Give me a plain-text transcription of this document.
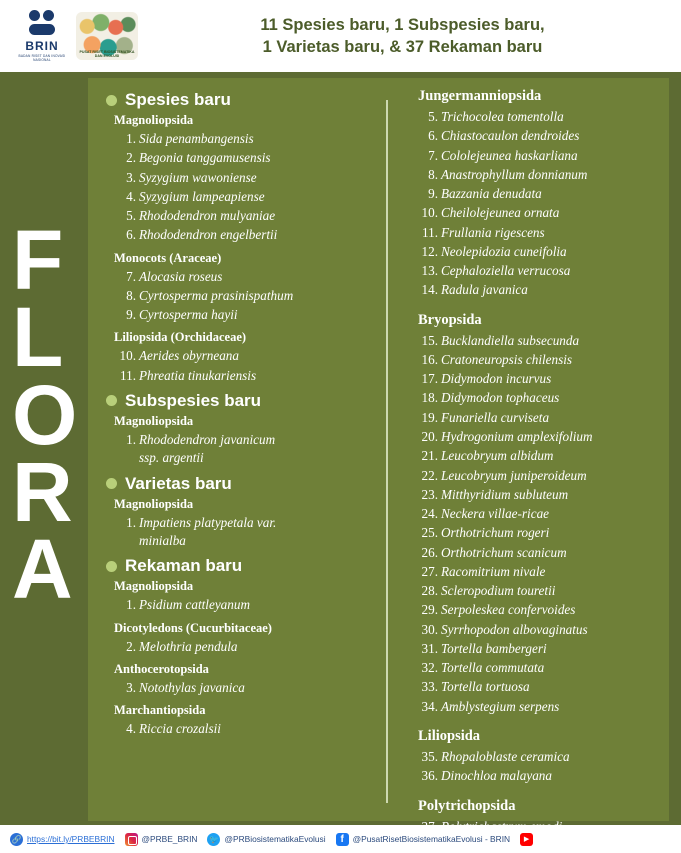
BRIN
BADAN RISET DAN INOVASI NASIONAL
PUSAT RISET BIOSISTEMATIKA DAN EVOLUSI
11 Spesies baru, 1 Subspesies baru,
1 Varietas baru, & 37 Rekaman baru
Spesies baru
Magnoliopsida
1. Sida penambangensis
2. Begonia tanggamusensis
3. Syzygium wawoniense
4. Syzygium lampeapiense
5. Rhododendron mulyaniae
6. Rhododendron engelbertii
Monocots (Araceae)
7. Alocasia roseus
8. Cyrtosperma prasinispathum
9. Cyrtosperma hayii
Liliopsida (Orchidaceae)
10. Aerides obyrneana
11. Phreatia tinukariensis
Subspesies baru
Magnoliopsida
1. Rhododendron javanicum
ssp. argentii
Varietas baru
Magnoliopsida
1. Impatiens platypetala var.
minialba
Rekaman baru
Magnoliopsida
1. Psidium cattleyanum
Dicotyledons (Cucurbitaceae)
2. Melothria pendula
Anthocerotopsida
3. Notothylas javanica
Marchantiopsida
4. Riccia crozalsii
Jungermanniopsida
5. Trichocolea tomentolla
6. Chiastocaulon dendroides
7. Cololejeunea haskarliana
8. Anastrophyllum donnianum
9. Bazzania denudata
10. Cheilolejeunea ornata
11. Frullania rigescens
12. Neolepidozia cuneifolia
13. Cephaloziella verrucosa
14. Radula javanica
Bryopsida
15. Bucklandiella subsecunda
16. Cratoneuropsis chilensis
17. Didymodon incurvus
18. Didymodon tophaceus
19. Funariella curviseta
20. Hydrogonium amplexifolium
21. Leucobryum albidum
22. Leucobryum juniperoideum
23. Mitthyridium subluteum
24. Neckera villae-ricae
25. Orthotrichum rogeri
26. Orthotrichum scanicum
27. Racomitrium nivale
28. Scleropodium touretii
29. Serpoleskea confervoides
30. Syrrhopodon albovaginatus
31. Tortella bambergeri
32. Tortella commutata
33. Tortella tortuosa
34. Amblystegium serpens
Liliopsida
35. Rhopaloblaste ceramica
36. Dinochloa malayana
Polytrichopsida
F
L
O
R
A
🔗
https://bit.ly/PRBEBRIN	@PRBE_BRIN 🐦	@PRBiosistematikaEvolusi f	@PusatRisetBiosistematikaEvolusi - BRIN
▶
